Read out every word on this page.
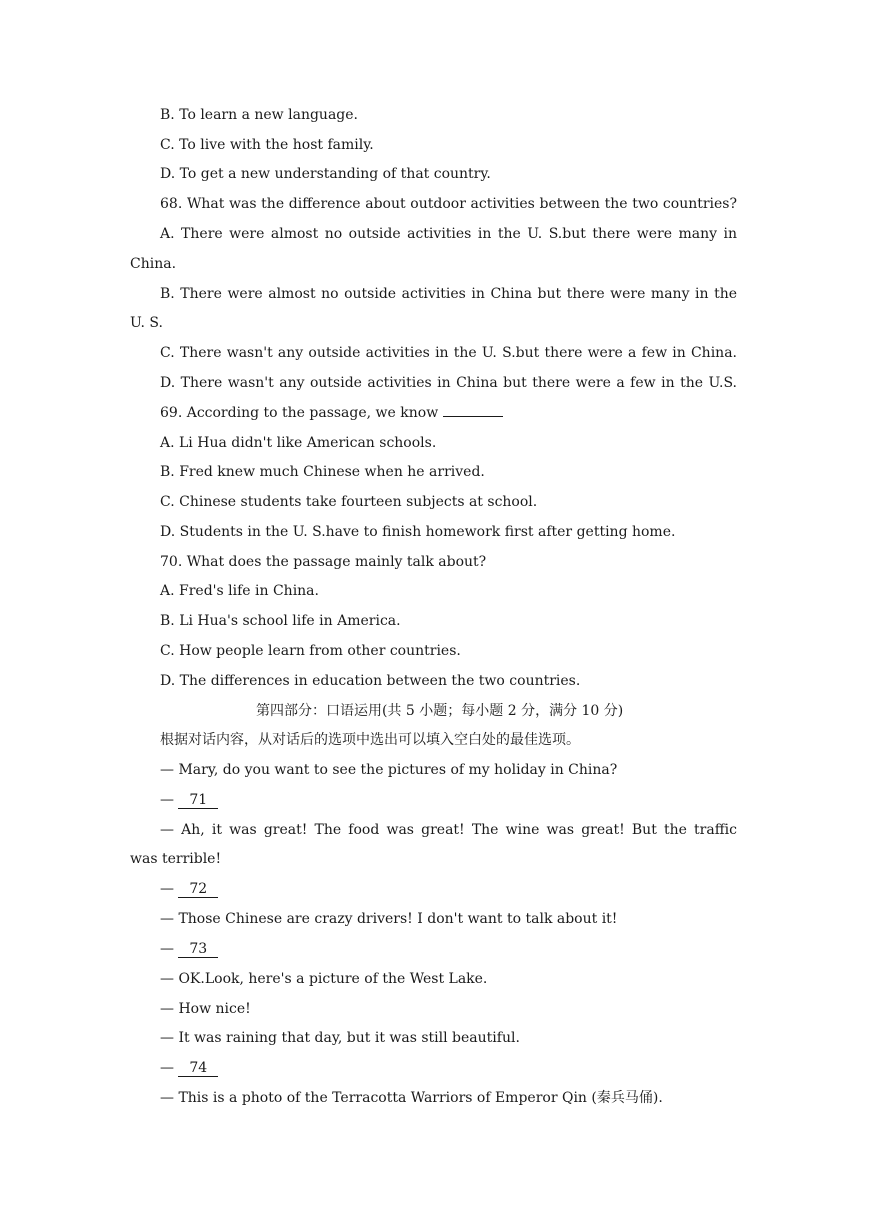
B. To learn a new language.
C. To live with the host family.
D. To get a new understanding of that country.
68. What was the difference about outdoor activities between the two countries?
A. There were almost no outside activities in the U. S.but there were many in
China.
B. There were almost no outside activities in China but there were many in the
U. S.
C. There wasn't any outside activities in the U. S.but there were a few in China.
D. There wasn't any outside activities in China but there were a few in the U.S.
69. According to the passage, we know
A. Li Hua didn't like American schools.
B. Fred knew much Chinese when he arrived.
C. Chinese students take fourteen subjects at school.
D. Students in the U. S.have to finish homework first after getting home.
70. What does the passage mainly talk about?
A. Fred's life in China.
B. Li Hua's school life in America.
C. How people learn from other countries.
D. The differences in education between the two countries.
第四部分：口语运用(共 5 小题；每小题 2 分，满分 10 分)
根据对话内容，从对话后的选项中选出可以填入空白处的最佳选项。
— Mary, do you want to see the pictures of my holiday in China?
— 71
— Ah, it was great! The food was great! The wine was great! But the traffic
was terrible!
— 72
— Those Chinese are crazy drivers! I don't want to talk about it!
— 73
— OK.Look, here's a picture of the West Lake.
— How nice!
— It was raining that day, but it was still beautiful.
— 74
— This is a photo of the Terracotta Warriors of Emperor Qin (秦兵马俑).
